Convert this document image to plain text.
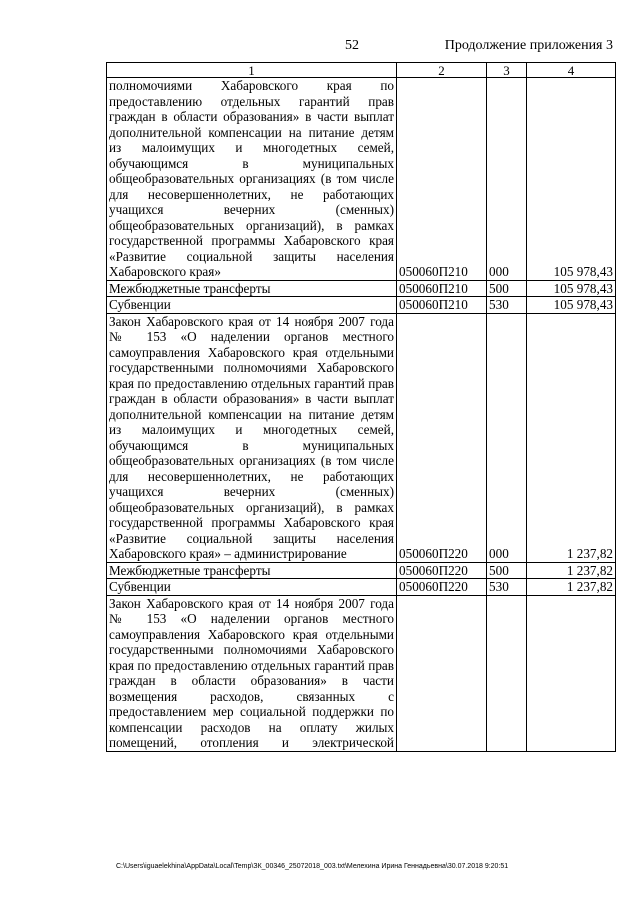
52	Продолжение приложения 3
1	2	3	4
полномочиями Хабаровского края по предоставлению отдельных гарантий прав граждан в области образования» в части выплат дополнительной компенсации на питание детям из малоимущих и многодетных семей, обучающимся в муниципальных общеобразовательных организациях (в том числе для несовершеннолетних, не работающих учащихся вечерних (сменных) общеобразовательных организаций), в рамках государственной программы Хабаровского края «Развитие социальной защиты населения Хабаровского края»	050060П210	000	105 978,43
Межбюджетные трансферты	050060П210	500	105 978,43
Субвенции	050060П210	530	105 978,43
Закон Хабаровского края от 14 ноября 2007 года № 153 «О наделении органов местного самоуправления Хабаровского края отдельными государственными полномочиями Хабаровского края по предоставлению отдельных гарантий прав граждан в области образования» в части выплат дополнительной компенсации на питание детям из малоимущих и многодетных семей, обучающимся в муниципальных общеобразовательных организациях (в том числе для несовершеннолетних, не работающих учащихся вечерних (сменных) общеобразовательных организаций), в рамках государственной программы Хабаровского края «Развитие социальной защиты населения Хабаровского края» – администрирование	050060П220	000	1 237,82
Межбюджетные трансферты	050060П220	500	1 237,82
Субвенции	050060П220	530	1 237,82
Закон Хабаровского края от 14 ноября 2007 года № 153 «О наделении органов местного самоуправления Хабаровского края отдельными государственными полномочиями Хабаровского края по предоставлению отдельных гарантий прав граждан в области образования» в части возмещения расходов, связанных с предоставлением мер социальной поддержки по компенсации расходов на оплату жилых помещений, отопления и электрической			
C:\Users\iguaelekhina\AppData\Local\Temp\ЗК_00346_25072018_003.txt\Мелехина Ирина Геннадьевна\30.07.2018 9:20:51
